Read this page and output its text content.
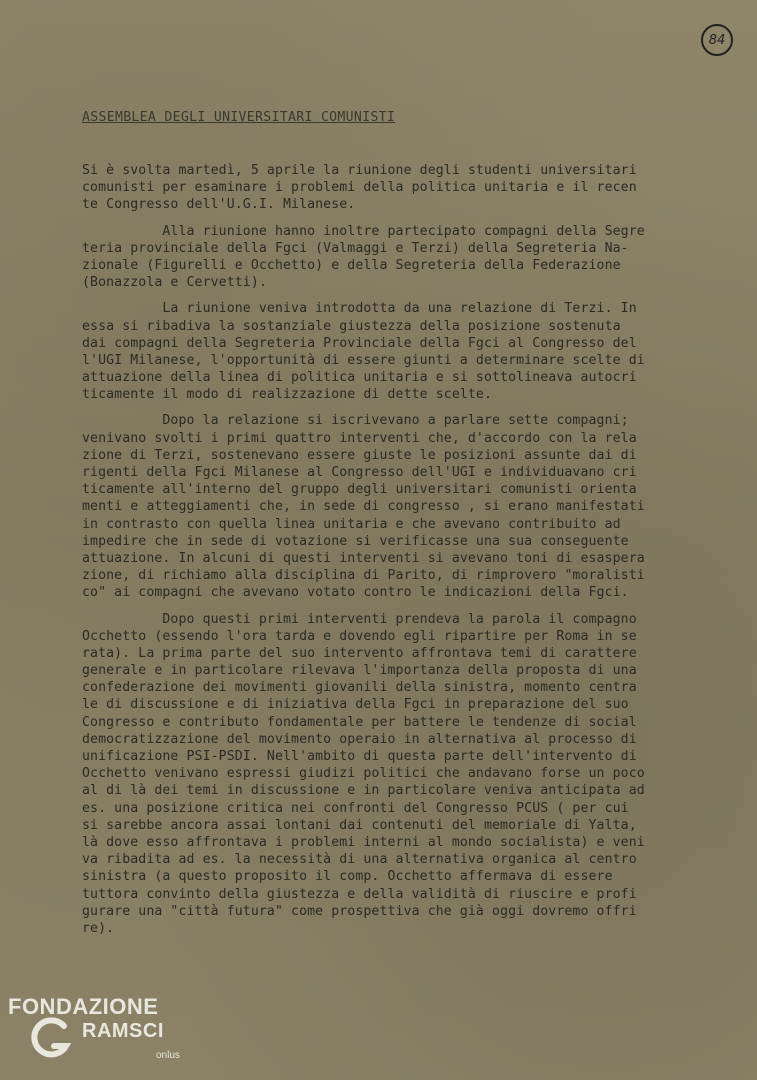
84
ASSEMBLEA DEGLI UNIVERSITARI COMUNISTI
Si è svolta martedì, 5 aprile la riunione degli studenti universitari
comunisti per esaminare i problemi della politica unitaria e il recen
te Congresso dell'U.G.I. Milanese.
Alla riunione hanno inoltre partecipato compagni della Segre
teria provinciale della Fgci (Valmaggi e Terzi) della Segreteria Na-
zionale (Figurelli e Occhetto) e della Segreteria della Federazione
(Bonazzola e Cervetti).
La riunione veniva introdotta da una relazione di Terzi. In
essa si ribadiva la sostanziale giustezza della posizione sostenuta
dai compagni della Segreteria Provinciale della Fgci al Congresso del
l'UGI Milanese, l'opportunità di essere giunti a determinare scelte di
attuazione della linea di politica unitaria e si sottolineava autocri
ticamente il modo di realizzazione di dette scelte.
Dopo la relazione si iscrivevano a parlare sette compagni;
venivano svolti i primi quattro interventi che, d'accordo con la rela
zione di Terzi, sostenevano essere giuste le posizioni assunte dai di
rigenti della Fgci Milanese al Congresso dell'UGI e individuavano cri
ticamente all'interno del gruppo degli universitari comunisti orienta
menti e atteggiamenti che, in sede di congresso , si erano manifestati
in contrasto con quella linea unitaria e che avevano contribuito ad
impedire che in sede di votazione si verificasse una sua conseguente
attuazione. In alcuni di questi interventi si avevano toni di esaspera
zione, di richiamo alla disciplina di Parito, di rimprovero "moralisti
co" ai compagni che avevano votato contro le indicazioni della Fgci.
Dopo questi primi interventi prendeva la parola il compagno
Occhetto (essendo l'ora tarda e dovendo egli ripartire per Roma in se
rata). La prima parte del suo intervento affrontava temi di carattere
generale e in particolare rilevava l'importanza della proposta di una
confederazione dei movimenti giovanili della sinistra, momento centra
le di discussione e di iniziativa della Fgci in preparazione del suo
Congresso e contributo fondamentale per battere le tendenze di social
democratizzazione del movimento operaio in alternativa al processo di
unificazione PSI-PSDI. Nell'ambito di questa parte dell'intervento di
Occhetto venivano espressi giudizi politici che andavano forse un poco
al di là dei temi in discussione e in particolare veniva anticipata ad
es. una posizione critica nei confronti del Congresso PCUS ( per cui
si sarebbe ancora assai lontani dai contenuti del memoriale di Yalta,
là dove esso affrontava i problemi interni al mondo socialista) e veni
va ribadita ad es. la necessità di una alternativa organica al centro
sinistra (a questo proposito il comp. Occhetto affermava di essere
tuttora convinto della giustezza e della validità di riuscire e profi
gurare una "città futura" come prospettiva che già oggi dovremo offri
re).
FONDAZIONE
RAMSCI
onlus
